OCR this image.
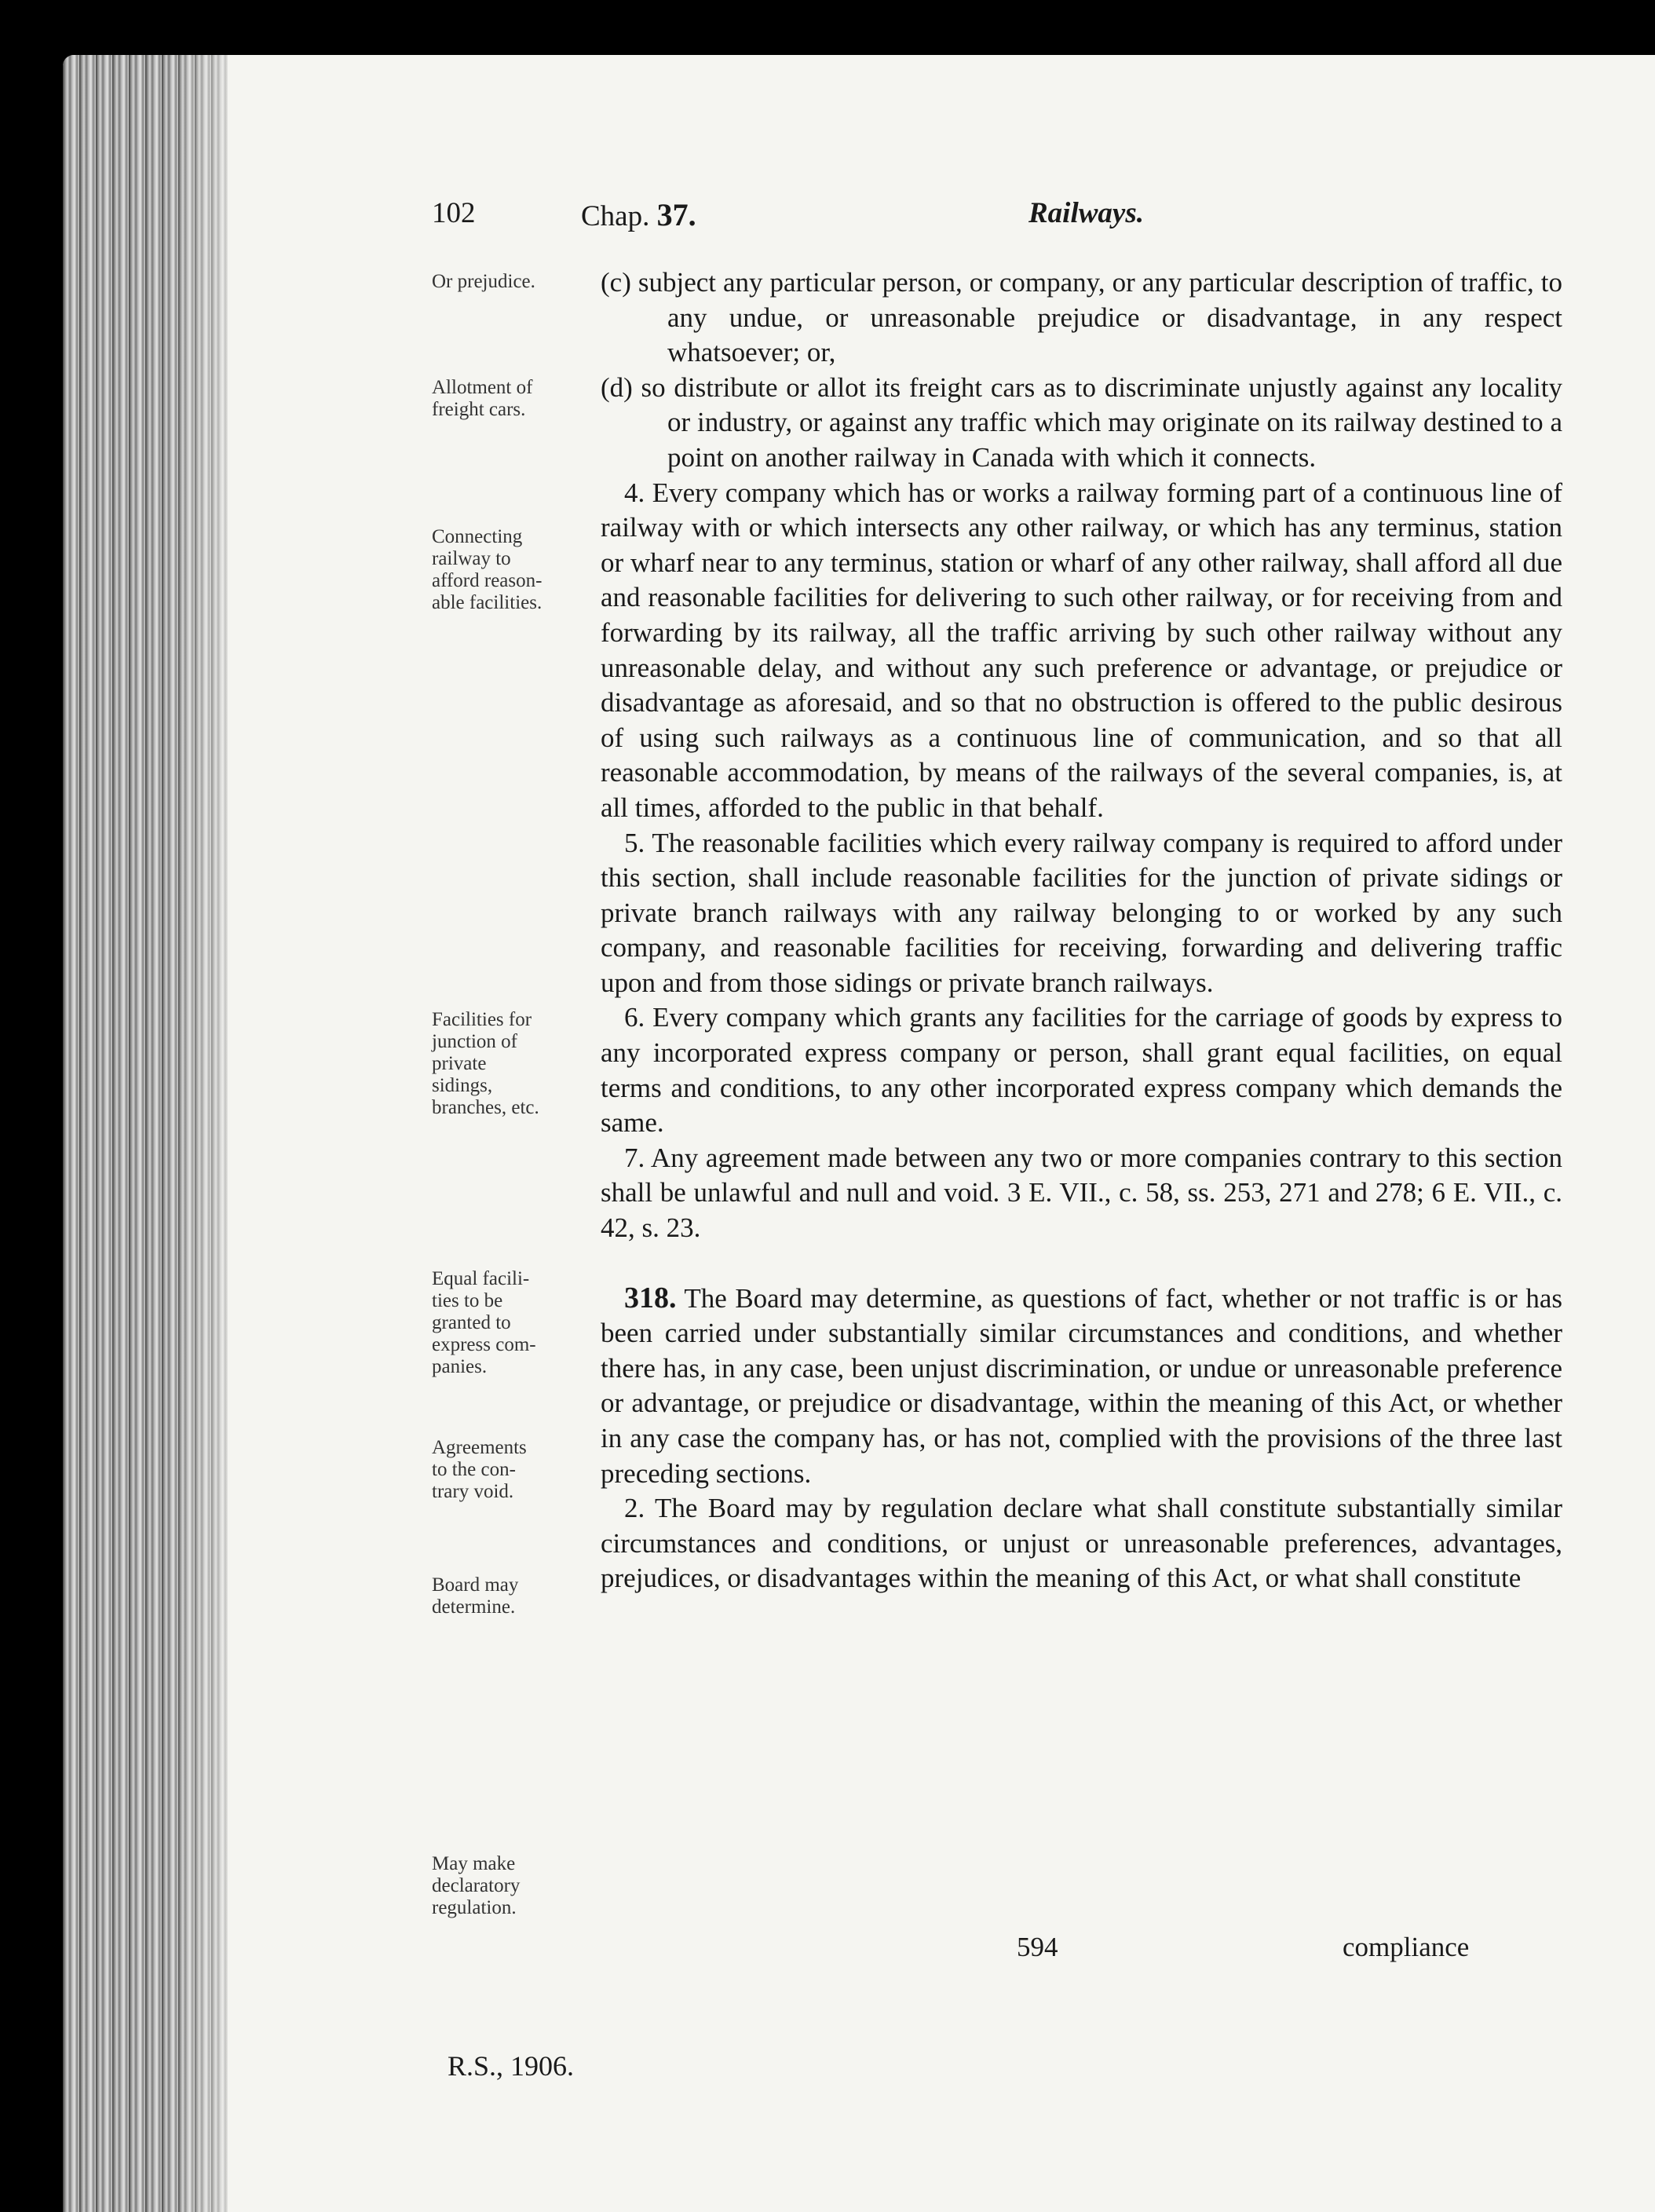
102	Chap. 37.	Railways.
Or prejudice.
Allotment of
freight cars.
Connecting
railway to
afford reason-
able facilities.
Facilities for
junction of
private
sidings,
branches, etc.
Equal facili-
ties to be
granted to
express com-
panies.
Agreements
to the con-
trary void.
Board may
determine.
May make
declaratory
regulation.

(c) subject any particular person, or company, or any particular description of traffic, to any undue, or unreasonable prejudice or disadvantage, in any respect whatsoever; or,

(d) so distribute or allot its freight cars as to discriminate unjustly against any locality or industry, or against any traffic which may originate on its railway destined to a point on another railway in Canada with which it connects.

4. Every company which has or works a railway forming part of a continuous line of railway with or which intersects any other railway, or which has any terminus, station or wharf near to any terminus, station or wharf of any other railway, shall afford all due and reasonable facilities for delivering to such other railway, or for receiving from and forwarding by its railway, all the traffic arriving by such other railway without any unreasonable delay, and without any such preference or advantage, or prejudice or disadvantage as aforesaid, and so that no obstruction is offered to the public desirous of using such railways as a continuous line of communication, and so that all reasonable accommodation, by means of the railways of the several companies, is, at all times, afforded to the public in that behalf.

5. The reasonable facilities which every railway company is required to afford under this section, shall include reasonable facilities for the junction of private sidings or private branch railways with any railway belonging to or worked by any such company, and reasonable facilities for receiving, forwarding and delivering traffic upon and from those sidings or private branch railways.

6. Every company which grants any facilities for the carriage of goods by express to any incorporated express company or person, shall grant equal facilities, on equal terms and conditions, to any other incorporated express company which demands the same.

7. Any agreement made between any two or more companies contrary to this section shall be unlawful and null and void. 3 E. VII., c. 58, ss. 253, 271 and 278; 6 E. VII., c. 42, s. 23.

318. The Board may determine, as questions of fact, whether or not traffic is or has been carried under substantially similar circumstances and conditions, and whether there has, in any case, been unjust discrimination, or undue or unreasonable preference or advantage, or prejudice or disadvantage, within the meaning of this Act, or whether in any case the company has, or has not, complied with the provisions of the three last preceding sections.

2. The Board may by regulation declare what shall constitute substantially similar circumstances and conditions, or unjust or unreasonable preferences, advantages, prejudices, or disadvantages within the meaning of this Act, or what shall constitute

594	compliance
R.S., 1906.
